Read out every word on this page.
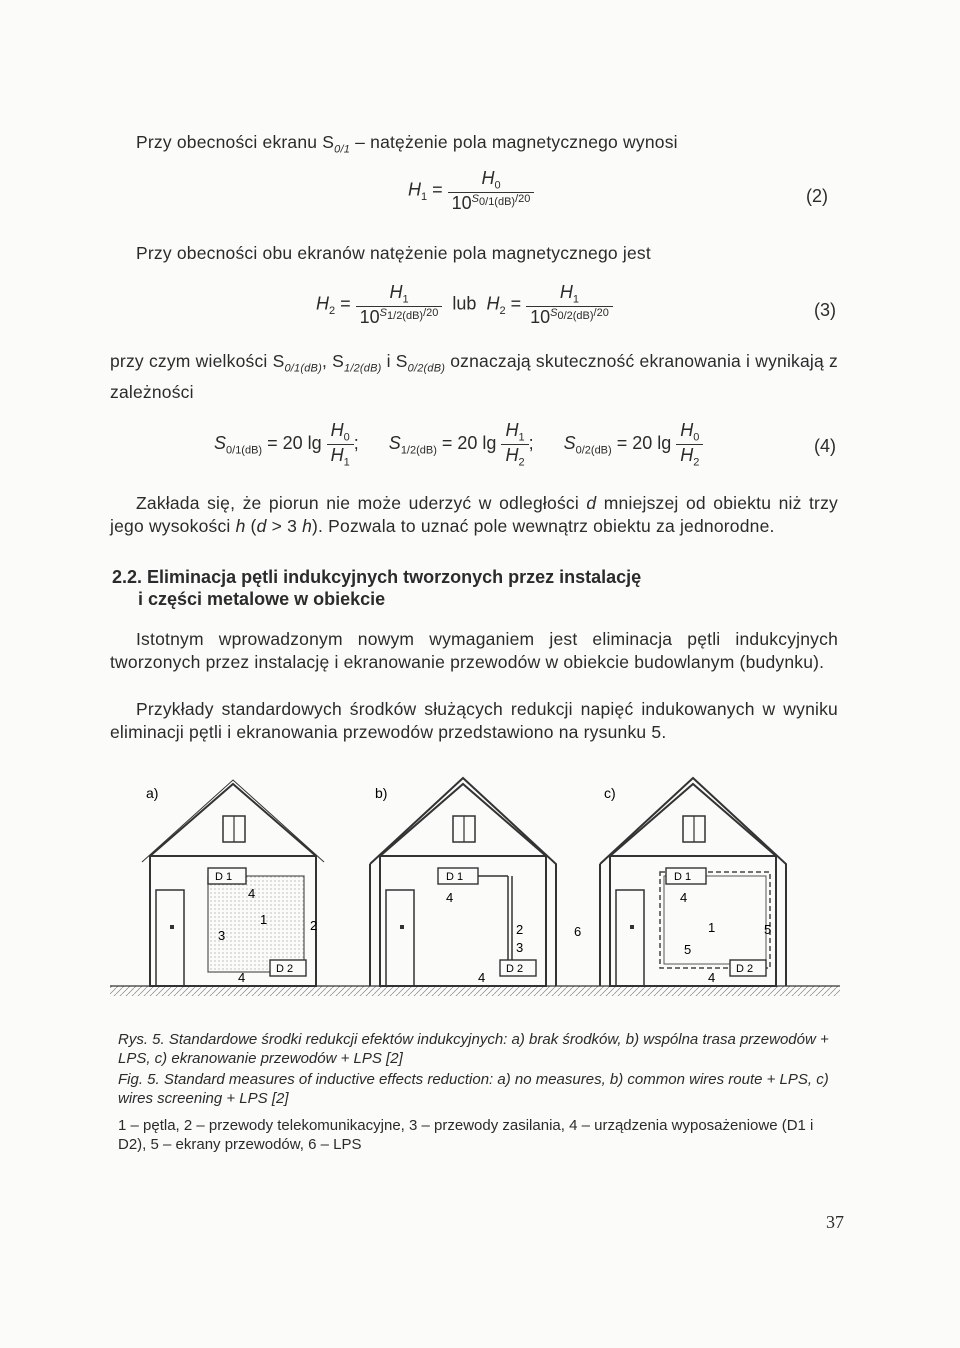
Przy obecności ekranu $S_{0/1}$ – natężenie pola magnetycznego wynosi
$H_1 = \frac{H_0}{10^{S_{0/1(dB)}/20}}$	(2)
Przy obecności obu ekranów natężenie pola magnetycznego jest
$H_2 = \frac{H_1}{10^{S_{1/2(dB)}/20}}$ lub $H_2 = \frac{H_1}{10^{S_{0/2(dB)}/20}}$	(3)
przy czym wielkości $S_{0/1(dB)}$, $S_{1/2(dB)}$ i $S_{0/2(dB)}$ oznaczają skuteczność ekranowania i wynikają z zależności
$S_{0/1(dB)} = 20$ $\lg \frac{H_0}{H_1}$ ; $S_{1/2(dB)} = 20$ $\lg \frac{H_1}{H_2}$ ; $S_{0/2(dB)} = 20$ $\lg \frac{H_0}{H_2}$	(4)
Zakłada się, że piorun nie może uderzyć w odległości d mniejszej od obiektu niż trzy jego wysokości h (d > 3 h). Pozwala to uznać pole wewnątrz obiektu za jednorodne.
2.2. Eliminacja pętli indukcyjnych tworzonych przez instalację
i części metalowe w obiekcie
Istotnym wprowadzonym nowym wymaganiem jest eliminacja pętli indukcyjnych tworzonych przez instalację i ekranowanie przewodów w obiekcie budowlanym (budynku).
Przykłady standardowych środków służących redukcji napięć indukowanych w wyniku eliminacji pętli i ekranowania przewodów przedstawiono na rysunku 5.
a)
D 1
D 2
4
1	2
3
4
b)
D 1
D 2
4
2
3
4
6
c)
D 1
D 2
4
1	5
5
4
Rys. 5. Standardowe środki redukcji efektów indukcyjnych: a) brak środków, b) wspólna trasa przewodów + LPS, c) ekranowanie przewodów + LPS [2]
Fig. 5. Standard measures of inductive effects reduction: a) no measures, b) common wires route + LPS, c) wires screening + LPS [2]
1 – pętla, 2 – przewody telekomunikacyjne, 3 – przewody zasilania, 4 – urządzenia wyposażeniowe (D1 i D2), 5 – ekrany przewodów, 6 – LPS
37
